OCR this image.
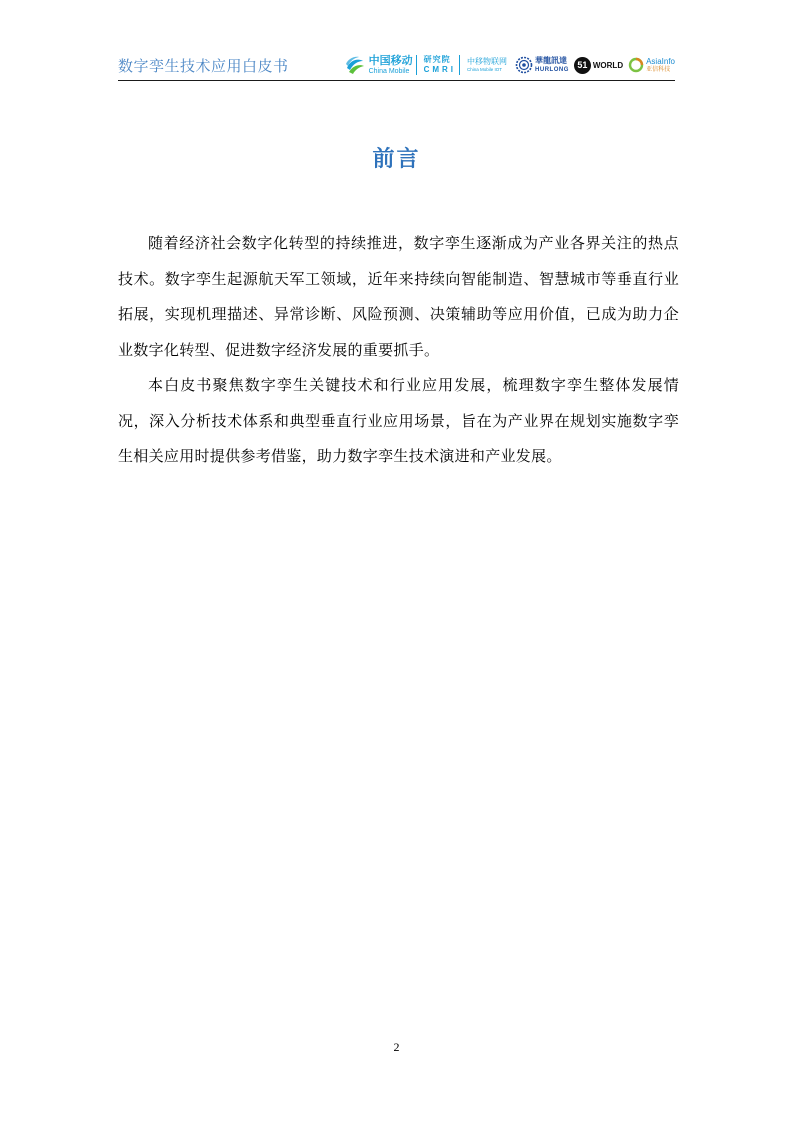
数字孪生技术应用白皮书	中国移动
China Mobile
研究院
CMRI
中移物联网
China Mobile IOT
華龍訊達
HURLONG 51 WORLD	AsiaInfo
亚信科技
前言

随着经济社会数字化转型的持续推进，数字孪生逐渐成为产业各界关注的热点技术。数字孪生起源航天军工领域，近年来持续向智能制造、智慧城市等垂直行业拓展，实现机理描述、异常诊断、风险预测、决策辅助等应用价值，已成为助力企业数字化转型、促进数字经济发展的重要抓手。

本白皮书聚焦数字孪生关键技术和行业应用发展，梳理数字孪生整体发展情况，深入分析技术体系和典型垂直行业应用场景，旨在为产业界在规划实施数字孪生相关应用时提供参考借鉴，助力数字孪生技术演进和产业发展。

2
